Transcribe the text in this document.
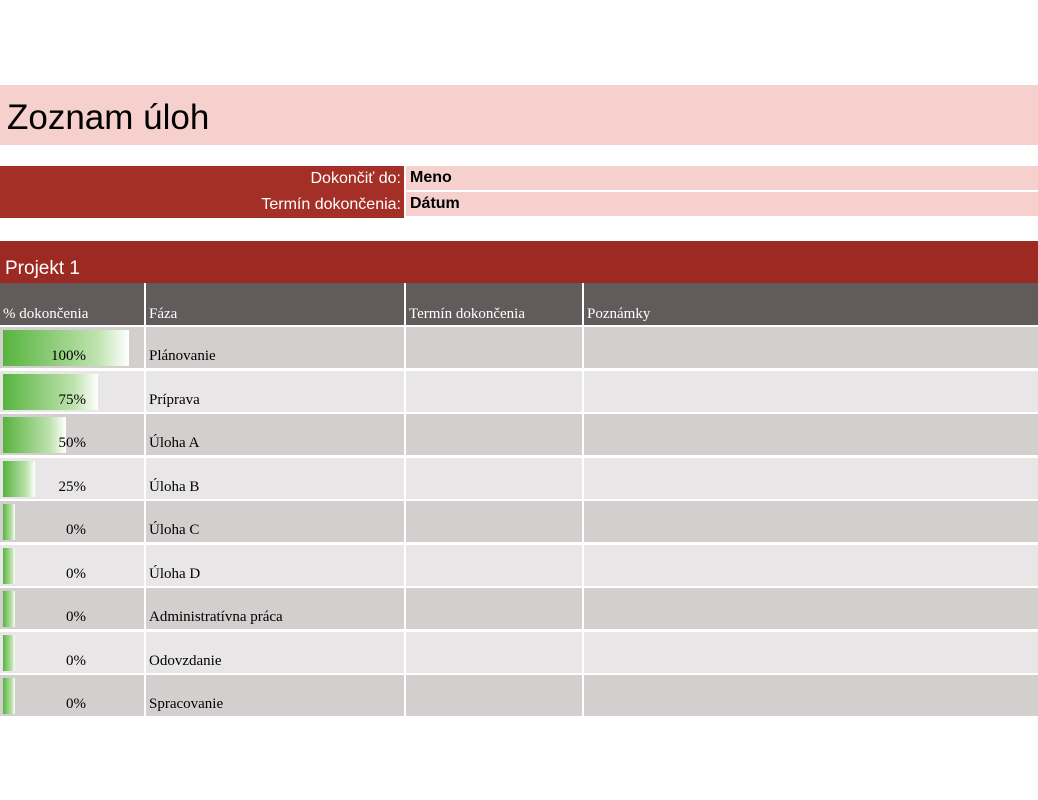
Zoznam úloh
Dokončiť do: Meno
Termín dokončenia: Dátum
Projekt 1
% dokončenia	Fáza	Termín dokončenia	Poznámky
100%	Plánovanie
75%	Príprava
50%	Úloha A
25%	Úloha B
0%	Úloha C
0%	Úloha D
0%	Administratívna práca
0%	Odovzdanie
0%	Spracovanie
